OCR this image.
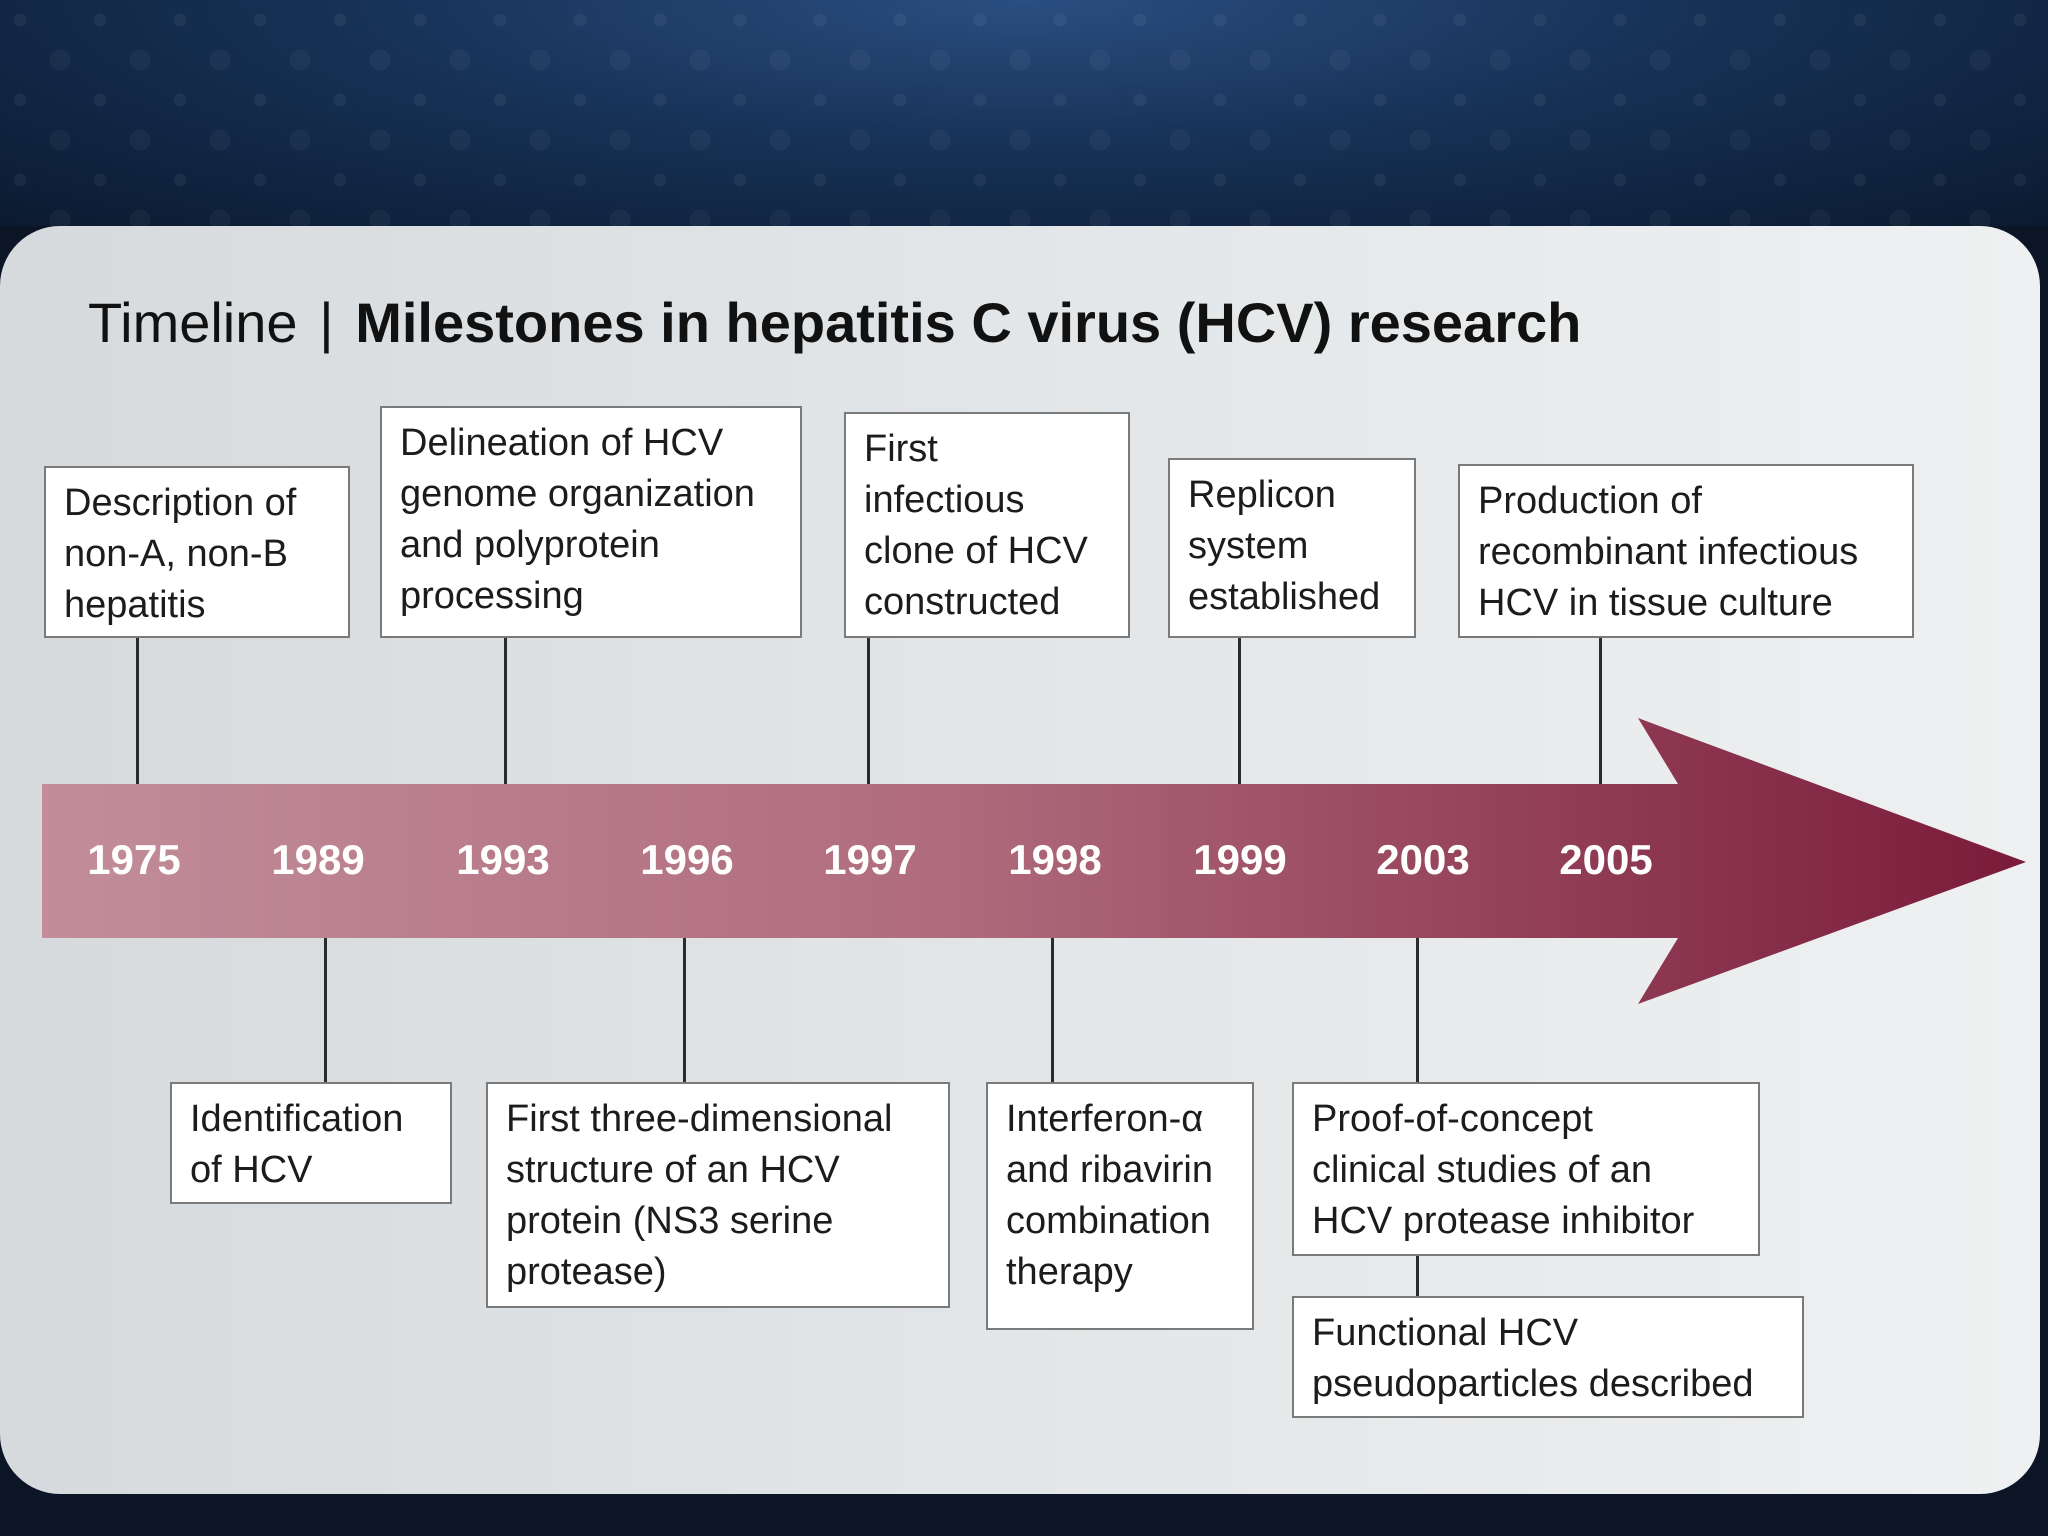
Timeline | Milestones in hepatitis C virus (HCV) research
1975	1989	1993	1996	1997	1998	1999	2003	2005
Description of
non-A, non-B
hepatitis
Delineation of HCV
genome organization
and polyprotein
processing
First
infectious
clone of HCV
constructed
Replicon
system
established
Production of
recombinant infectious
HCV in tissue culture
Identification
of HCV
First three-dimensional
structure of an HCV
protein (NS3 serine
protease)
Interferon-α
and ribavirin
combination
therapy
Proof-of-concept
clinical studies of an
HCV protease inhibitor
Functional HCV
pseudoparticles described
